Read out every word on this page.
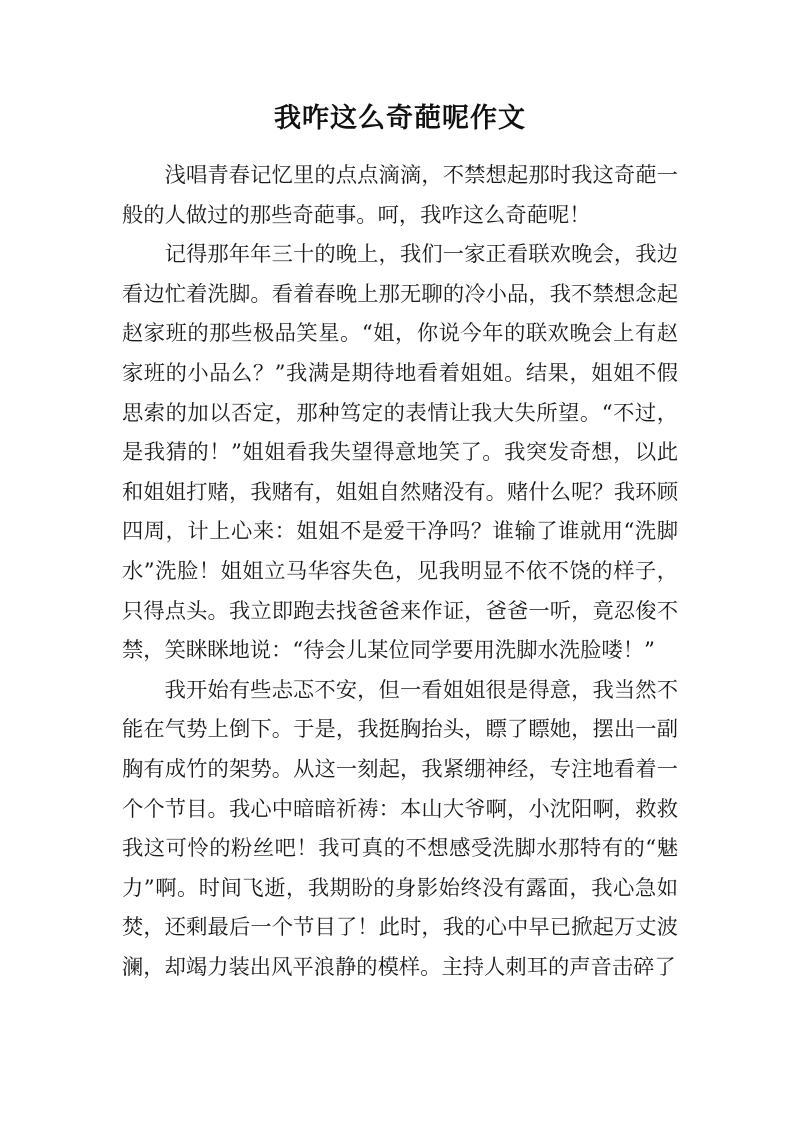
我咋这么奇葩呢作文

浅唱青春记忆里的点点滴滴，不禁想起那时我这奇葩一般的人做过的那些奇葩事。呵，我咋这么奇葩呢！

记得那年年三十的晚上，我们一家正看联欢晚会，我边看边忙着洗脚。看着春晚上那无聊的冷小品，我不禁想念起赵家班的那些极品笑星。“姐，你说今年的联欢晚会上有赵家班的小品么？”我满是期待地看着姐姐。结果，姐姐不假思索的加以否定，那种笃定的表情让我大失所望。“不过，是我猜的！”姐姐看我失望得意地笑了。我突发奇想，以此和姐姐打赌，我赌有，姐姐自然赌没有。赌什么呢？我环顾四周，计上心来：姐姐不是爱干净吗？谁输了谁就用“洗脚水”洗脸！姐姐立马华容失色，见我明显不依不饶的样子，只得点头。我立即跑去找爸爸来作证，爸爸一听，竟忍俊不禁，笑眯眯地说：“待会儿某位同学要用洗脚水洗脸喽！”

我开始有些忐忑不安，但一看姐姐很是得意，我当然不能在气势上倒下。于是，我挺胸抬头，瞟了瞟她，摆出一副胸有成竹的架势。从这一刻起，我紧绷神经，专注地看着一个个节目。我心中暗暗祈祷：本山大爷啊，小沈阳啊，救救我这可怜的粉丝吧！我可真的不想感受洗脚水那特有的“魅力”啊。时间飞逝，我期盼的身影始终没有露面，我心急如焚，还剩最后一个节目了！此时，我的心中早已掀起万丈波澜，却竭力装出风平浪静的模样。主持人刺耳的声音击碎了
